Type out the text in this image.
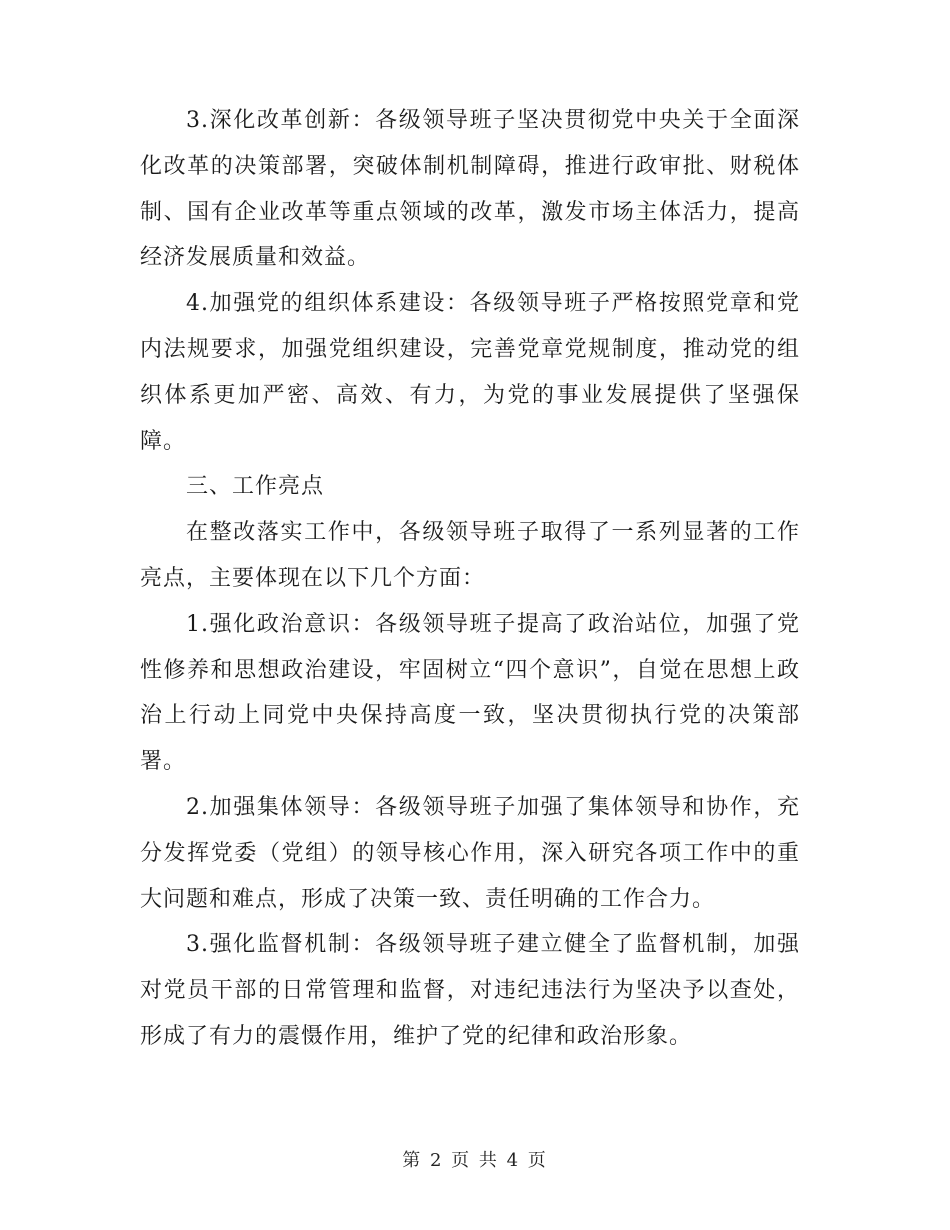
3.深化改革创新：各级领导班子坚决贯彻党中央关于全面深化改革的决策部署，突破体制机制障碍，推进行政审批、财税体制、国有企业改革等重点领域的改革，激发市场主体活力，提高经济发展质量和效益。

4.加强党的组织体系建设：各级领导班子严格按照党章和党内法规要求，加强党组织建设，完善党章党规制度，推动党的组织体系更加严密、高效、有力，为党的事业发展提供了坚强保障。

三、工作亮点

在整改落实工作中，各级领导班子取得了一系列显著的工作亮点，主要体现在以下几个方面：

1.强化政治意识：各级领导班子提高了政治站位，加强了党性修养和思想政治建设，牢固树立“四个意识”，自觉在思想上政治上行动上同党中央保持高度一致，坚决贯彻执行党的决策部署。

2.加强集体领导：各级领导班子加强了集体领导和协作，充分发挥党委（党组）的领导核心作用，深入研究各项工作中的重大问题和难点，形成了决策一致、责任明确的工作合力。

3.强化监督机制：各级领导班子建立健全了监督机制，加强对党员干部的日常管理和监督，对违纪违法行为坚决予以查处，形成了有力的震慑作用，维护了党的纪律和政治形象。

第 2 页 共 4 页
